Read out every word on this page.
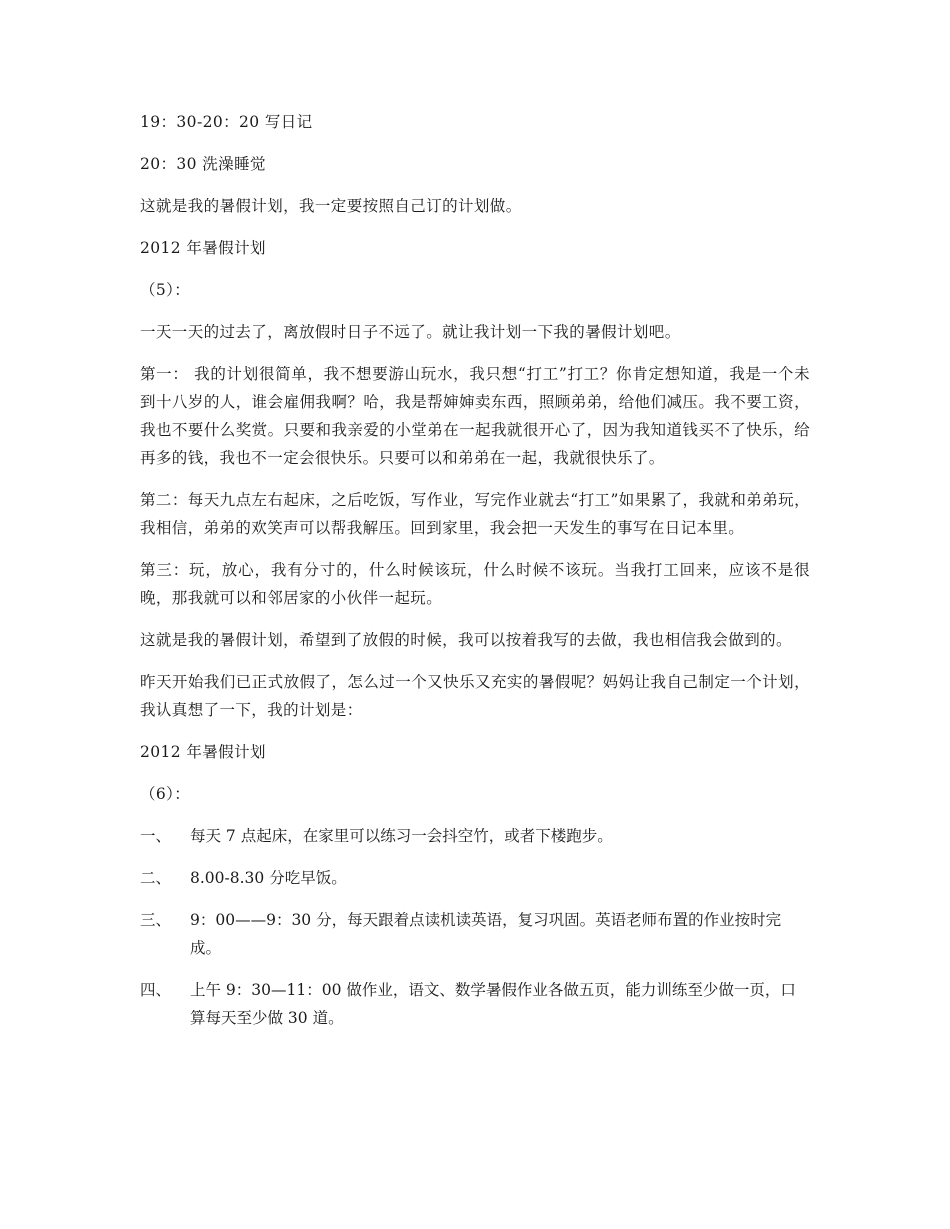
19：30-20：20 写日记

20：30 洗澡睡觉

这就是我的暑假计划，我一定要按照自己订的计划做。

2012 年暑假计划

（5）：

一天一天的过去了，离放假时日子不远了。就让我计划一下我的暑假计划吧。

第一： 我的计划很简单，我不想要游山玩水，我只想“打工”打工？你肯定想知道，我是一个未到十八岁的人，谁会雇佣我啊？哈，我是帮婶婶卖东西，照顾弟弟，给他们减压。我不要工资，我也不要什么奖赏。只要和我亲爱的小堂弟在一起我就很开心了，因为我知道钱买不了快乐，给再多的钱，我也不一定会很快乐。只要可以和弟弟在一起，我就很快乐了。

第二：每天九点左右起床，之后吃饭，写作业，写完作业就去“打工”如果累了，我就和弟弟玩，我相信，弟弟的欢笑声可以帮我解压。回到家里，我会把一天发生的事写在日记本里。

第三：玩，放心，我有分寸的，什么时候该玩，什么时候不该玩。当我打工回来，应该不是很晚，那我就可以和邻居家的小伙伴一起玩。

这就是我的暑假计划，希望到了放假的时候，我可以按着我写的去做，我也相信我会做到的。

昨天开始我们已正式放假了，怎么过一个又快乐又充实的暑假呢？妈妈让我自己制定一个计划，我认真想了一下，我的计划是：

2012 年暑假计划

（6）：

一、	每天 7 点起床，在家里可以练习一会抖空竹，或者下楼跑步。
二、	8.00-8.30 分吃早饭。
三、	9：00——9：30 分，每天跟着点读机读英语，复习巩固。英语老师布置的作业按时完成。
四、	上午 9：30—11：00 做作业，语文、数学暑假作业各做五页，能力训练至少做一页，口算每天至少做 30 道。
